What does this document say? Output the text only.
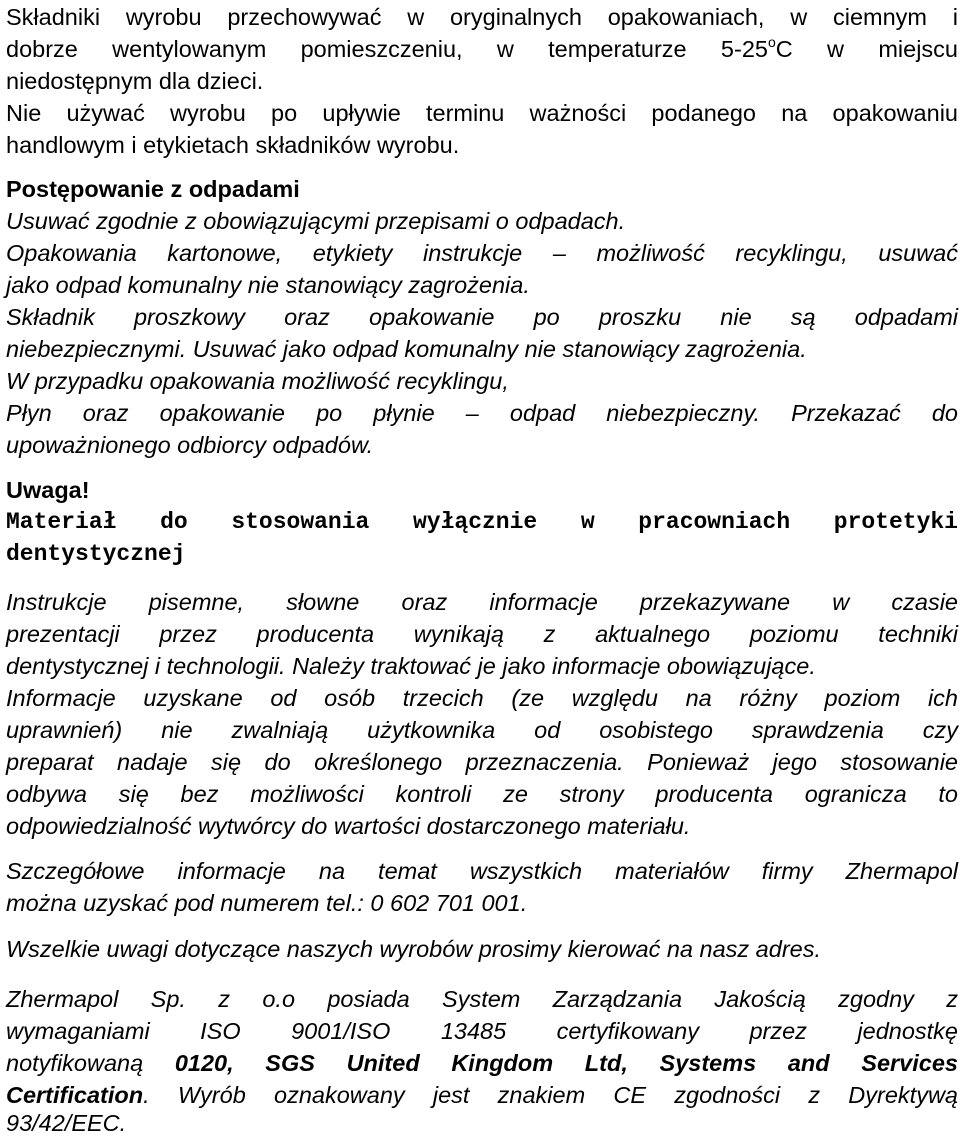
Składniki wyrobu przechowywać w oryginalnych opakowaniach, w ciemnym i
dobrze wentylowanym pomieszczeniu, w temperaturze 5-25$^o$C w miejscu
niedostępnym dla dzieci.
Nie używać wyrobu po upływie terminu ważności podanego na opakowaniu
handlowym i etykietach składników wyrobu.
Postępowanie z odpadami
Usuwać zgodnie z obowiązującymi przepisami o odpadach.
Opakowania kartonowe, etykiety instrukcje – możliwość recyklingu, usuwać
jako odpad komunalny nie stanowiący zagrożenia.
Składnik proszkowy oraz opakowanie po proszku nie są odpadami
niebezpiecznymi. Usuwać jako odpad komunalny nie stanowiący zagrożenia.
W przypadku opakowania możliwość recyklingu,
Płyn oraz opakowanie po płynie – odpad niebezpieczny. Przekazać do
upoważnionego odbiorcy odpadów.
Uwaga!
Materiał do stosowania wyłącznie w pracowniach protetyki
dentystycznej
Instrukcje pisemne, słowne oraz informacje przekazywane w czasie
prezentacji przez producenta wynikają z aktualnego poziomu techniki
dentystycznej i technologii. Należy traktować je jako informacje obowiązujące.
Informacje uzyskane od osób trzecich (ze względu na różny poziom ich
uprawnień) nie zwalniają użytkownika od osobistego sprawdzenia czy
preparat nadaje się do określonego przeznaczenia. Ponieważ jego stosowanie
odbywa się bez możliwości kontroli ze strony producenta ogranicza to
odpowiedzialność wytwórcy do wartości dostarczonego materiału.
Szczegółowe informacje na temat wszystkich materiałów firmy Zhermapol
można uzyskać pod numerem tel.: 0 602 701 001.
Wszelkie uwagi dotyczące naszych wyrobów prosimy kierować na nasz adres.
Zhermapol Sp. z o.o posiada System Zarządzania Jakością zgodny z
wymaganiami ISO 9001/ISO 13485 certyfikowany przez jednostkę
notyfikowaną 0120, SGS United Kingdom Ltd, Systems and Services
Certification. Wyrób oznakowany jest znakiem CE zgodności z Dyrektywą
93/42/EEC.
